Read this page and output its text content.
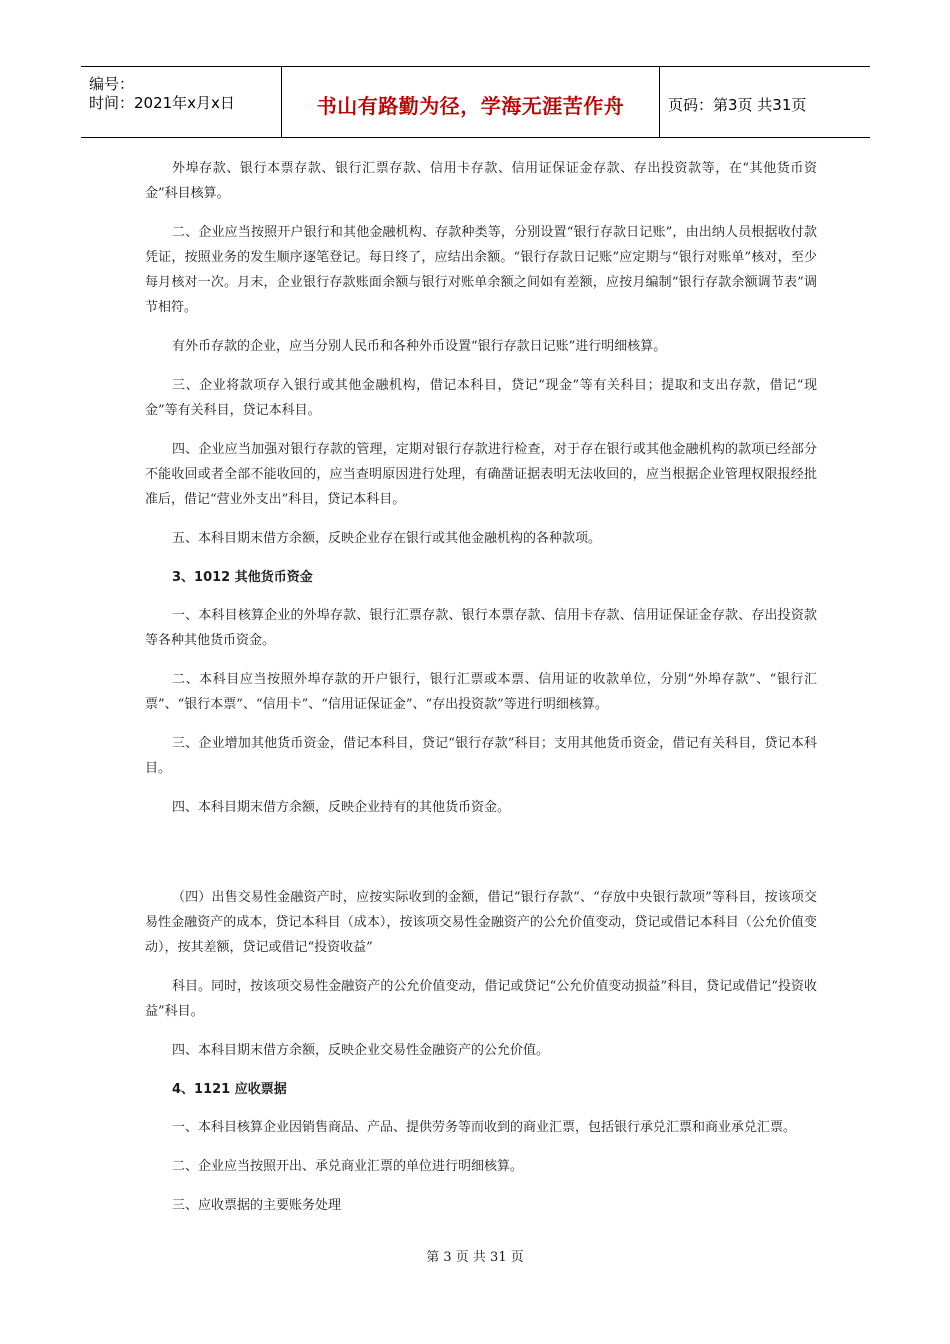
编号：
时间：2021年x月x日	书山有路勤为径，学海无涯苦作舟	页码：第3页 共31页

外埠存款、银行本票存款、银行汇票存款、信用卡存款、信用证保证金存款、存出投资款等，在“其他货币资金”科目核算。

二、企业应当按照开户银行和其他金融机构、存款种类等，分别设置“银行存款日记账”，由出纳人员根据收付款凭证，按照业务的发生顺序逐笔登记。每日终了，应结出余额。“银行存款日记账”应定期与“银行对账单”核对，至少每月核对一次。月末，企业银行存款账面余额与银行对账单余额之间如有差额，应按月编制“银行存款余额调节表”调节相符。

有外币存款的企业，应当分别人民币和各种外币设置“银行存款日记账”进行明细核算。

三、企业将款项存入银行或其他金融机构，借记本科目，贷记“现金”等有关科目；提取和支出存款，借记“现金”等有关科目，贷记本科目。

四、企业应当加强对银行存款的管理，定期对银行存款进行检查，对于存在银行或其他金融机构的款项已经部分不能收回或者全部不能收回的，应当查明原因进行处理，有确凿证据表明无法收回的，应当根据企业管理权限报经批准后，借记“营业外支出”科目，贷记本科目。

五、本科目期末借方余额，反映企业存在银行或其他金融机构的各种款项。

3、1012 其他货币资金

一、本科目核算企业的外埠存款、银行汇票存款、银行本票存款、信用卡存款、信用证保证金存款、存出投资款等各种其他货币资金。

二、本科目应当按照外埠存款的开户银行，银行汇票或本票、信用证的收款单位，分别“外埠存款”、“银行汇票”、“银行本票”、“信用卡”、“信用证保证金”、“存出投资款”等进行明细核算。

三、企业增加其他货币资金，借记本科目，贷记“银行存款”科目；支用其他货币资金，借记有关科目，贷记本科目。

四、本科目期末借方余额，反映企业持有的其他货币资金。

（四）出售交易性金融资产时，应按实际收到的金额，借记“银行存款”、“存放中央银行款项”等科目，按该项交易性金融资产的成本，贷记本科目（成本），按该项交易性金融资产的公允价值变动，贷记或借记本科目（公允价值变动），按其差额，贷记或借记“投资收益”

科目。同时，按该项交易性金融资产的公允价值变动，借记或贷记“公允价值变动损益”科目，贷记或借记“投资收益”科目。

四、本科目期末借方余额，反映企业交易性金融资产的公允价值。

4、1121 应收票据

一、本科目核算企业因销售商品、产品、提供劳务等而收到的商业汇票，包括银行承兑汇票和商业承兑汇票。

二、企业应当按照开出、承兑商业汇票的单位进行明细核算。

三、应收票据的主要账务处理

第 3 页 共 31 页
